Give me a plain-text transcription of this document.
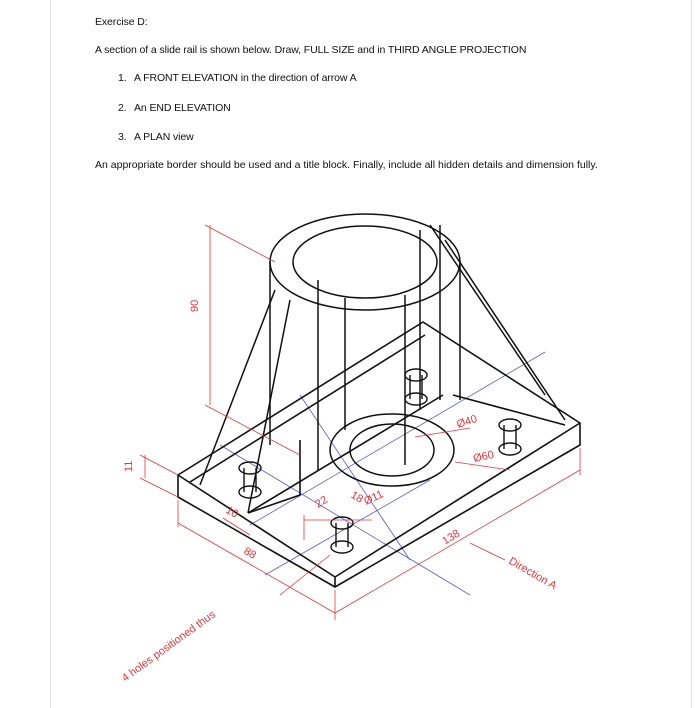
Exercise D:
A section of a slide rail is shown below. Draw, FULL SIZE and in THIRD ANGLE PROJECTION
1. A FRONT ELEVATION in the direction of arrow A
2. An END ELEVATION
3. A PLAN view
An appropriate border should be used and a title block. Finally, include all hidden details and dimension fully.
90
11
10
88
138
22 18
Ø11
Ø40
Ø60
Direction A
4 holes positioned thus
